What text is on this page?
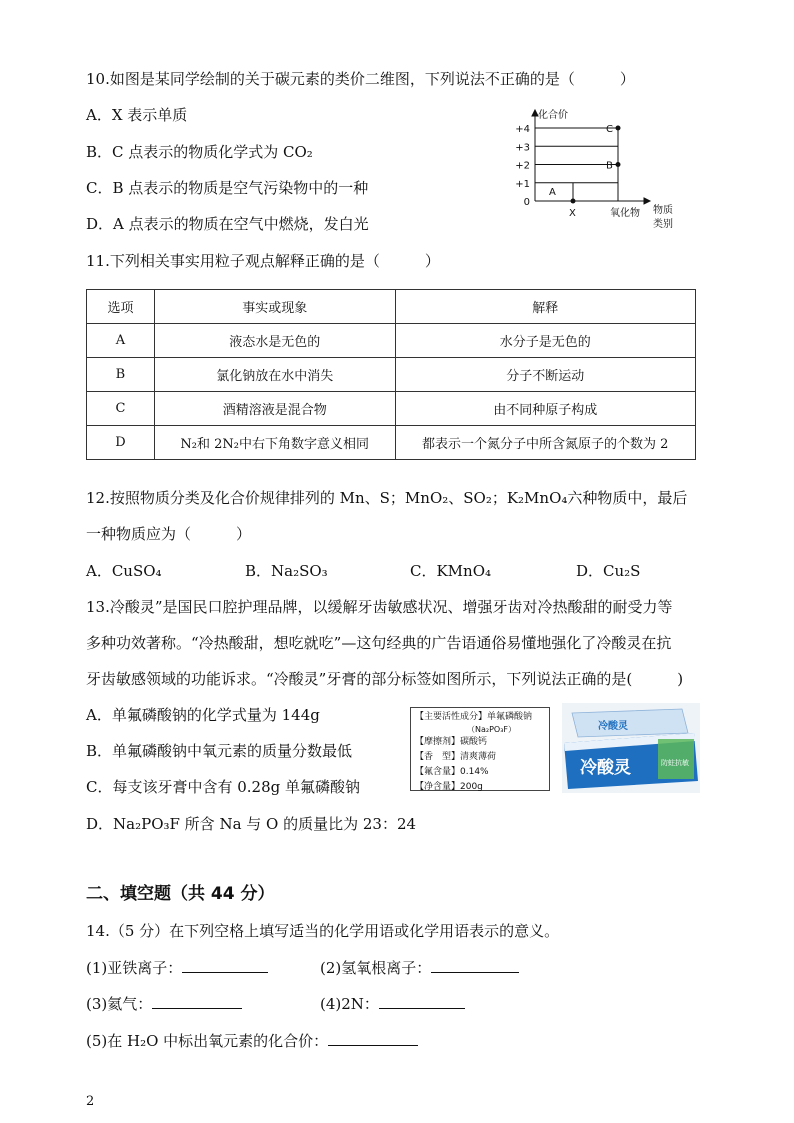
10.如图是某同学绘制的关于碳元素的类价二维图，下列说法不正确的是（　　　）
A．X 表示单质
B．C 点表示的物质化学式为 CO₂
C．B 点表示的物质是空气污染物中的一种
D．A 点表示的物质在空气中燃烧，发白光
化合价
物质
类别
+4
+3
+2
+1
0
A
B
C
X	氧化物
11.下列相关事实用粒子观点解释正确的是（　　　）
选项	事实或现象	解释
A	液态水是无色的	水分子是无色的
B	氯化钠放在水中消失	分子不断运动
C	酒精溶液是混合物	由不同种原子构成
D	N₂和 2N₂中右下角数字意义相同	都表示一个氮分子中所含氮原子的个数为 2
12.按照物质分类及化合价规律排列的 Mn、S；MnO₂、SO₂；K₂MnO₄六种物质中，最后
一种物质应为（　　　）
A．CuSO₄	B．Na₂SO₃	C．KMnO₄	D．Cu₂S
13.冷酸灵”是国民口腔护理品牌，以缓解牙齿敏感状况、增强牙齿对冷热酸甜的耐受力等
多种功效著称。“冷热酸甜，想吃就吃”—这句经典的广告语通俗易懂地强化了冷酸灵在抗
牙齿敏感领域的功能诉求。“冷酸灵”牙膏的部分标签如图所示，下列说法正确的是(　　　)
A．单氟磷酸钠的化学式量为 144g
B．单氟磷酸钠中氧元素的质量分数最低
C．每支该牙膏中含有 0.28g 单氟磷酸钠
D．Na₂PO₃F 所含 Na 与 O 的质量比为 23：24
【主要活性成分】单氟磷酸钠
　　　　　　　（Na₂PO₃F）
【摩擦剂】碳酸钙
【香　型】清爽薄荷
【氟含量】0.14%
【净含量】200g
冷酸灵	防蛀抗敏
冷酸灵
二、填空题（共 44 分）
14.（5 分）在下列空格上填写适当的化学用语或化学用语表示的意义。
(1)亚铁离子：	(2)氢氧根离子：
(3)氦气：	(4)2N：
(5)在 H₂O 中标出氧元素的化合价：
2
